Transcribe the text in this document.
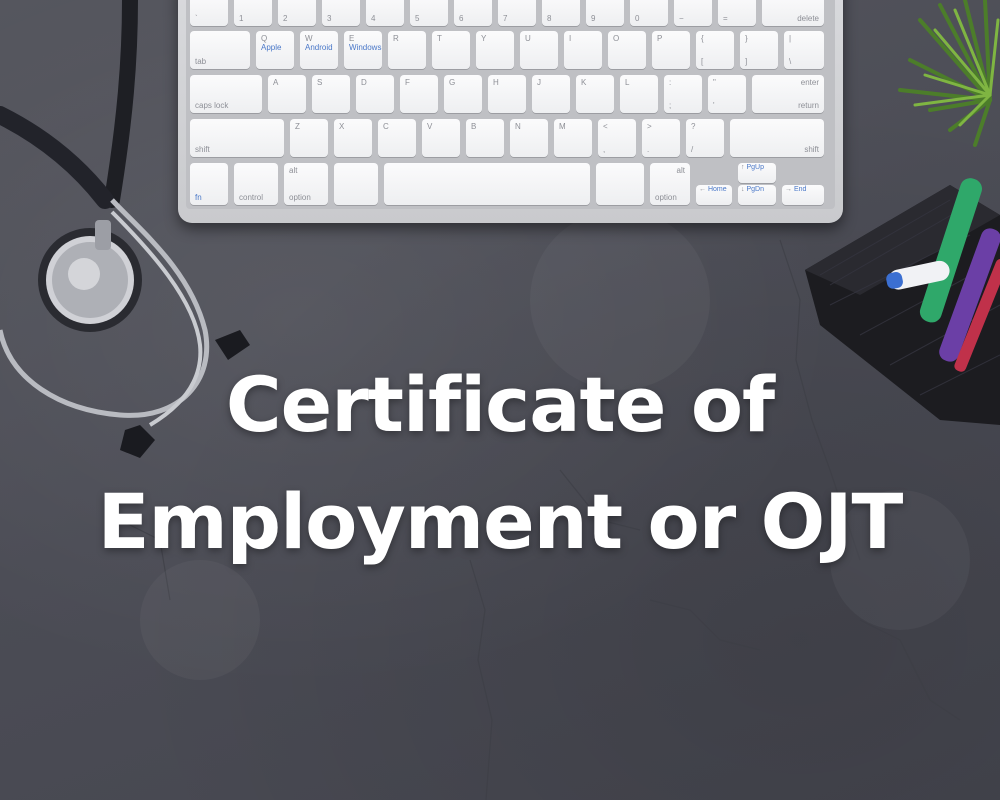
`	1	2	3	4	5	6	7	8	9	0	−	=	delete
tab
Q
Apple
W
Android
E
Windows
R	T	Y	U	I	O	P	{
[
}
]
|
\
caps lock
A	S	D	F	G	H	J	K	L	:
;
"
'
enter
return
shift
Z	X	C	V	B	N	M	<
,
>
.
?
/	shift
fn	control
alt
option
alt
option
← Home
↑ PgUp
↓ PgDn	→ End
Certificate of
Employment or OJT
